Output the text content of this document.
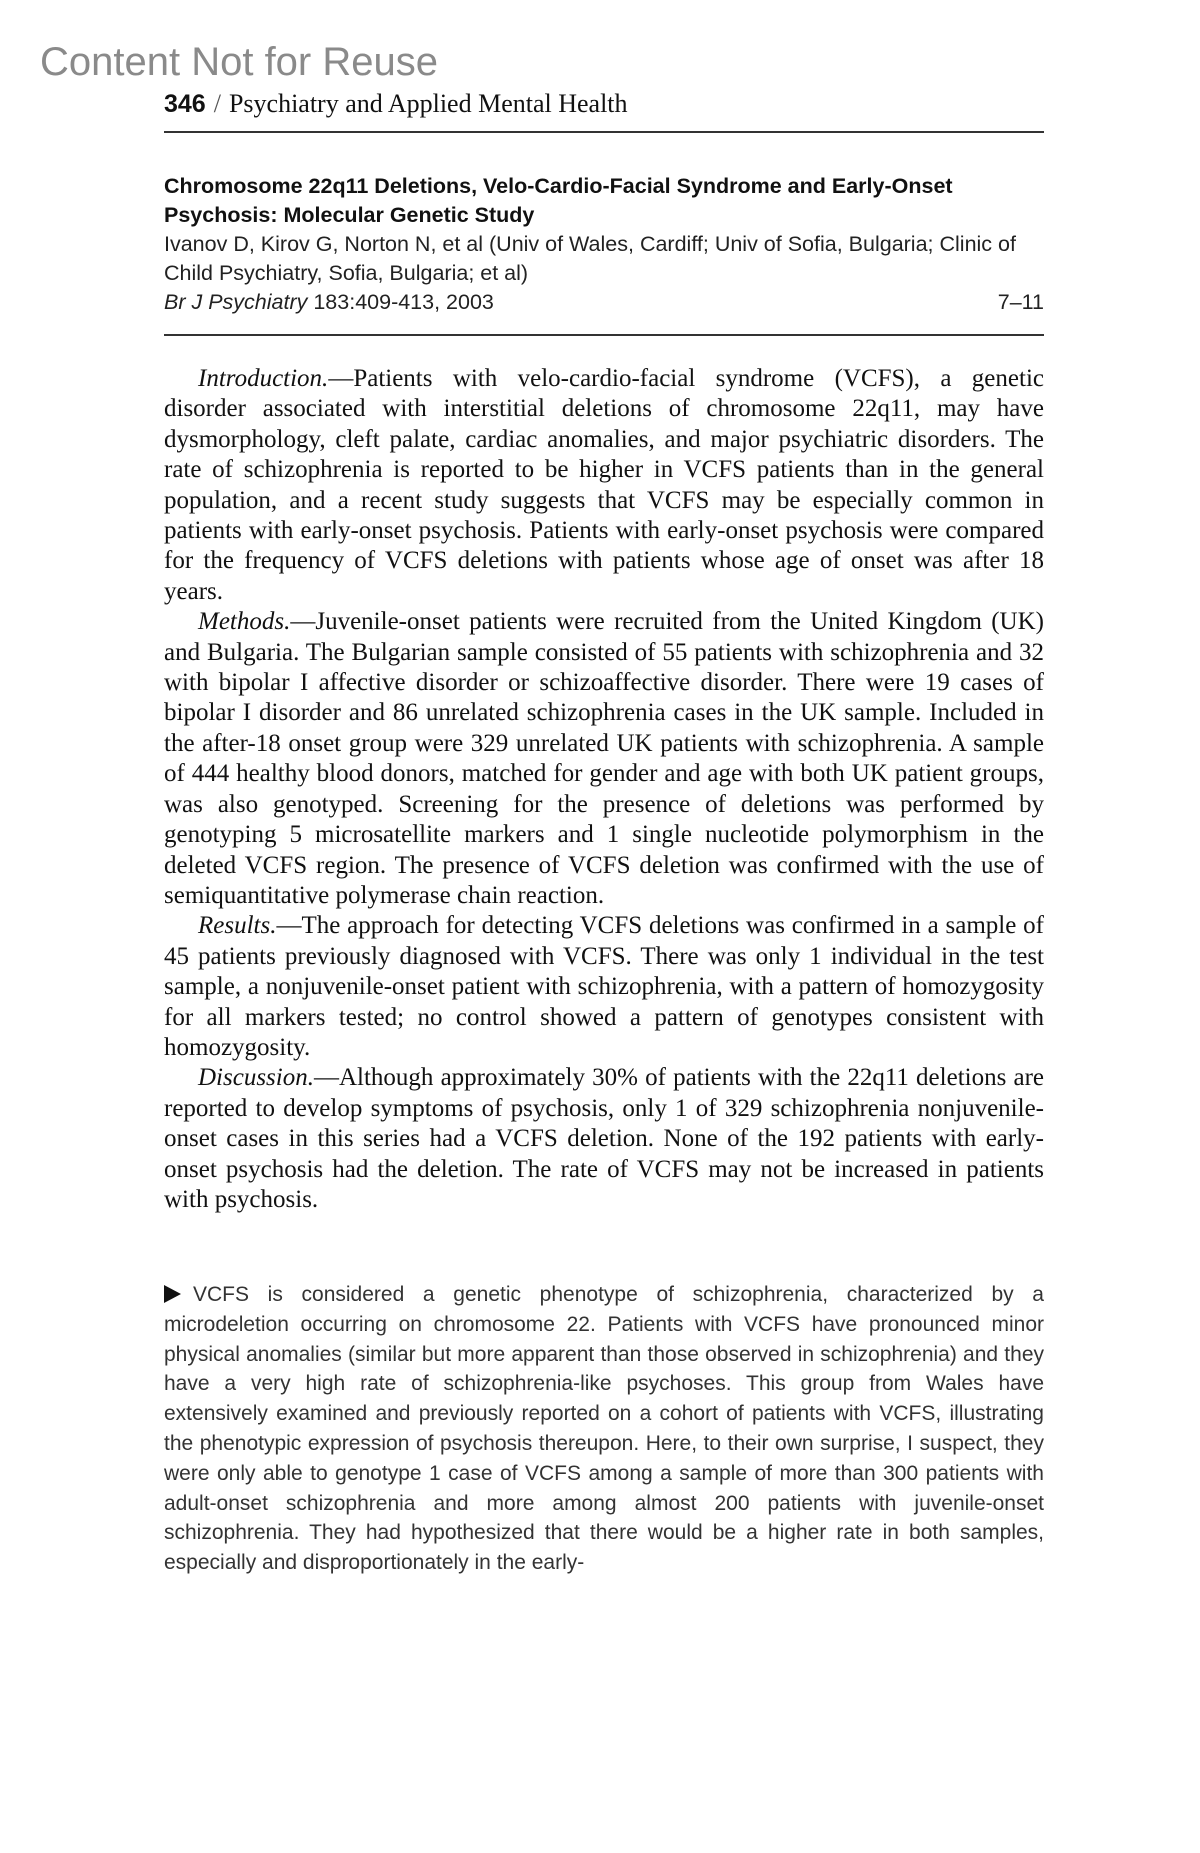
Content Not for Reuse
346 / Psychiatry and Applied Mental Health
Chromosome 22q11 Deletions, Velo-Cardio-Facial Syndrome and Early-Onset Psychosis: Molecular Genetic Study
Ivanov D, Kirov G, Norton N, et al (Univ of Wales, Cardiff; Univ of Sofia, Bulgaria; Clinic of Child Psychiatry, Sofia, Bulgaria; et al)
Br J Psychiatry 183:409-413, 2003	7–11

Introduction.—Patients with velo-cardio-facial syndrome (VCFS), a genetic disorder associated with interstitial deletions of chromosome 22q11, may have dysmorphology, cleft palate, cardiac anomalies, and major psychiatric disorders. The rate of schizophrenia is reported to be higher in VCFS patients than in the general population, and a recent study suggests that VCFS may be especially common in patients with early-onset psychosis. Patients with early-onset psychosis were compared for the frequency of VCFS deletions with patients whose age of onset was after 18 years.

Methods.—Juvenile-onset patients were recruited from the United Kingdom (UK) and Bulgaria. The Bulgarian sample consisted of 55 patients with schizophrenia and 32 with bipolar I affective disorder or schizoaffective disorder. There were 19 cases of bipolar I disorder and 86 unrelated schizophrenia cases in the UK sample. Included in the after-18 onset group were 329 unrelated UK patients with schizophrenia. A sample of 444 healthy blood donors, matched for gender and age with both UK patient groups, was also genotyped. Screening for the presence of deletions was performed by genotyping 5 microsatellite markers and 1 single nucleotide polymorphism in the deleted VCFS region. The presence of VCFS deletion was confirmed with the use of semiquantitative polymerase chain reaction.

Results.—The approach for detecting VCFS deletions was confirmed in a sample of 45 patients previously diagnosed with VCFS. There was only 1 individual in the test sample, a nonjuvenile-onset patient with schizophrenia, with a pattern of homozygosity for all markers tested; no control showed a pattern of genotypes consistent with homozygosity.

Discussion.—Although approximately 30% of patients with the 22q11 deletions are reported to develop symptoms of psychosis, only 1 of 329 schizophrenia nonjuvenile-onset cases in this series had a VCFS deletion. None of the 192 patients with early-onset psychosis had the deletion. The rate of VCFS may not be increased in patients with psychosis.

VCFS is considered a genetic phenotype of schizophrenia, characterized by a microdeletion occurring on chromosome 22. Patients with VCFS have pronounced minor physical anomalies (similar but more apparent than those observed in schizophrenia) and they have a very high rate of schizophrenia-like psychoses. This group from Wales have extensively examined and previously reported on a cohort of patients with VCFS, illustrating the phenotypic expression of psychosis thereupon. Here, to their own surprise, I suspect, they were only able to genotype 1 case of VCFS among a sample of more than 300 patients with adult-onset schizophrenia and more among almost 200 patients with juvenile-onset schizophrenia. They had hypothesized that there would be a higher rate in both samples, especially and disproportionately in the early-
